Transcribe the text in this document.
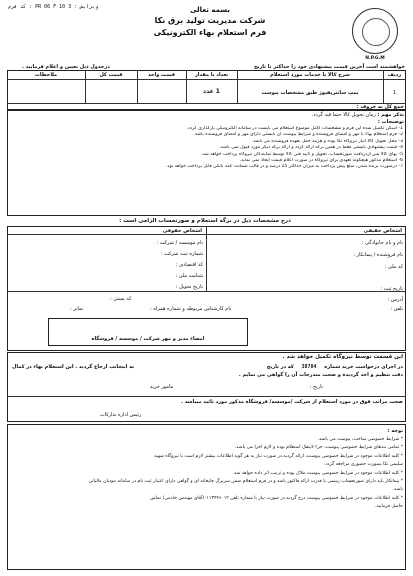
کد فرم : PR 06 F 10 ویرایش : 3	بسمه تعالی
شرکت مدیریت تولید برق نکا
فرم استعلام بهاء الکترونیکی
N.P.G.M
خواهشمند است آخرین قیمت پیشنهادی خود را حداکثر تا تاریخ
درجدول ذیل تعیین و اعلام فرمایید .
ردیف
شرح کالا یا خدمات مورد استعلام
تعداد یا مقدار
قیمت واحد
قیمت کل
ملاحظات
1
پمپ سانتریفیوژ طبق مشخصات پیوست
1 عدد
جمع کل به حروف :
تذکر مهم : زمان تحویل کالا حتما قید گردد.
توضیحات :
1- اسکن تکمیل شده این فرم و مشخصات کامل موضوع استعلام می بایست در سامانه الکترونیکی بارگذاری گردد.
2- فرم استعلام بهاء با مهر و امضای فروشنده و شرایط پیوست آن بایستی دارای مهر و امضای فروشنده باشد.
3- محل تحویل کالا انبار نیروگاه نکا بوده و هزینه حمل بعهده فروشنده می باشد.
4- قیمت پیشنهادی بایستی فقط در همین برگه ارائه گردد و ارائه برگه دیگر مورد قبول نمی باشد.
5- بهای کالا پس ازدریافت صورتحساب، تحویل و تایید فنی کالا توسط نمایندگان نیروگاه پرداخت خواهد شد.
6- استعلام مذکور هیچگونه تعهدی برای نیروگاه در صورت اعلام قیمت ایجاد نمی نماید.
7- درصورت برنده شدن، مبلغ پیش پرداخت به میزان حداکثر 25 درصد و در قالب ضمانت نامه بانکی قابل پرداخت خواهد بود.
درج مشخصات ذیل در برگه استعلام و صورتحساب الزامی است :
اشخاص حقیقی
اشخاص حقوقی
نام و نام خانوادگی :
نام فروشنده / پیمانکار :
کد ملی :
تاریخ ثبت :
آدرس :
تلفن :
نام موسسه / شرکت :
شماره ثبت شرکت :
کد اقتصادی :
شناسه ملی :
تاریخ تحویل :
کد پستی :
نام کارشناس مربوطه و شماره همراه :
نمابر :
امضاء مدیر و مهر شرکت / موسسه / فروشگاه
این قسمت توسط نیروگاه تکمیل خواهد شد .
در اجرای درخواست خرید شماره 38784 که در تاریخ
به اینجانب ارجاع گردید . این استعلام بهاء در کمال
دقت تنظیم و اخذ گردیده و صحت مندرجات آن را گواهی می نمایم .
مامور خرید	تاریخ :
صحت مراتب فوق در مورد استعلام از شرکت /موسسه/ فروشگاه مذکور مورد تائید میباشد .
رئیس اداره تدارکات
توجه :
* شرایط خصوصی ساخت، پیوست می باشد.
* تمامی بندهای شرایط خصوصی پیوست، جزء لاینفک استعلام بوده و لازم اجرا می باشد.
* کلیه اطلاعات موجود در شرایط خصوصی پیوست، ارائه گردید.در صورت نیاز به هر گونه اطلاعات بیشتر لازم است با نیروگاه شهید
سلیمی نکا بصورت حضوری مراجعه گردد.
* کلیه اطلاعات موجود در شرایط خصوصی پیوست ملاک بوده و ترتیب اثر داده خواهد شد.
* پیمانکار باید دارای صورتحساب رسمی یا قدرت ارائه فاکتور باشد و در فرم استعلام ضمن سربرگ چاپخانه ای و گواهی دارای اعتبار ثبت نام در سامانه مودیان مالیاتی
باشد.
* کلیه اطلاعات موجود در شرایط خصوصی پیوست درج گردید.در صورت نیاز با شماره تلفن ۰۱۱۳۴۴۶۰۱۲(آقای مهندس خادمی) تماس
حاصل فرمایید.
